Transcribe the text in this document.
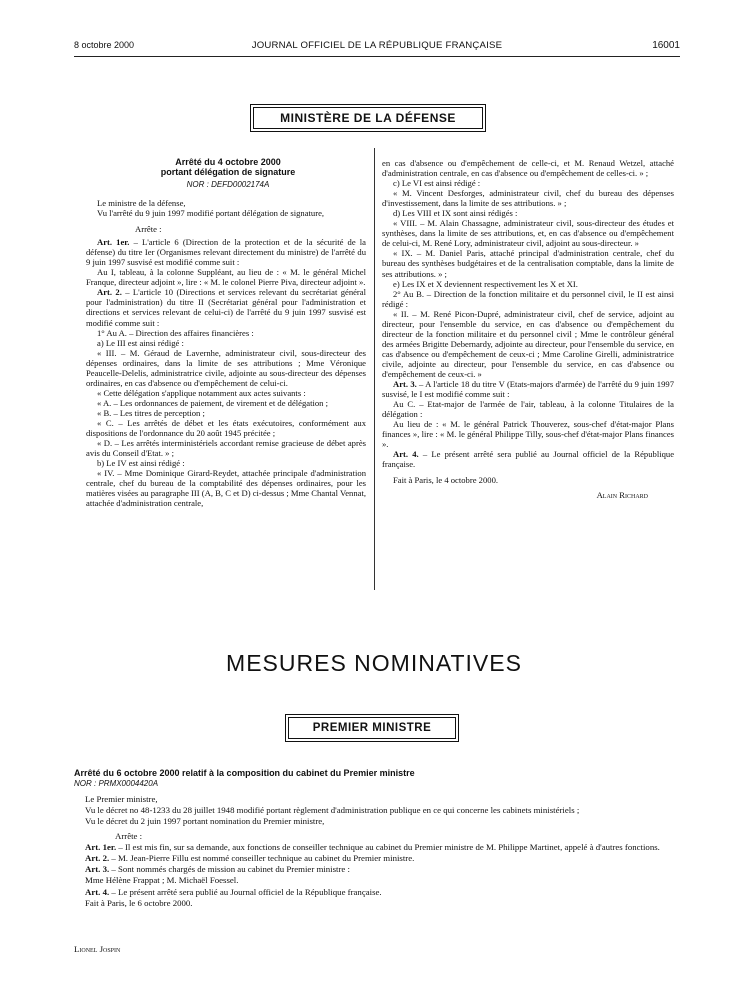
8 octobre 2000	JOURNAL OFFICIEL DE LA RÉPUBLIQUE FRANÇAISE	16001
MINISTÈRE DE LA DÉFENSE
Arrêté du 4 octobre 2000
portant délégation de signature
NOR : DEFD0002174A

Le ministre de la défense,

Vu l'arrêté du 9 juin 1997 modifié portant délégation de signature,

Arrête :

Art. 1er. – L'article 6 (Direction de la protection et de la sécurité de la défense) du titre Ier (Organismes relevant directement du ministre) de l'arrêté du 9 juin 1997 susvisé est modifié comme suit :

Au I, tableau, à la colonne Suppléant, au lieu de : « M. le général Michel Franque, directeur adjoint », lire : « M. le colonel Pierre Piva, directeur adjoint ».

Art. 2. – L'article 10 (Directions et services relevant du secrétariat général pour l'administration) du titre II (Secrétariat général pour l'administration et directions et services relevant de celui-ci) de l'arrêté du 9 juin 1997 susvisé est modifié comme suit :

1° Au A. – Direction des affaires financières :

a) Le III est ainsi rédigé :

« III. – M. Géraud de Lavernhe, administrateur civil, sous-directeur des dépenses ordinaires, dans la limite de ses attributions ; Mme Véronique Peaucelle-Delelis, administratrice civile, adjointe au sous-directeur des dépenses ordinaires, en cas d'absence ou d'empêchement de celui-ci.

« Cette délégation s'applique notamment aux actes suivants :

« A. – Les ordonnances de paiement, de virement et de délégation ;

« B. – Les titres de perception ;

« C. – Les arrêtés de débet et les états exécutoires, conformément aux dispositions de l'ordonnance du 20 août 1945 précitée ;

« D. – Les arrêtés interministériels accordant remise gracieuse de débet après avis du Conseil d'Etat. » ;

b) Le IV est ainsi rédigé :

« IV. – Mme Dominique Girard-Reydet, attachée principale d'administration centrale, chef du bureau de la comptabilité des dépenses ordinaires, pour les matières visées au paragraphe III (A, B, C et D) ci-dessus ; Mme Chantal Vennat, attachée d'administration centrale,

en cas d'absence ou d'empêchement de celle-ci, et M. Renaud Wetzel, attaché d'administration centrale, en cas d'absence ou d'empêchement de celles-ci. » ;

c) Le VI est ainsi rédigé :

« M. Vincent Desforges, administrateur civil, chef du bureau des dépenses d'investissement, dans la limite de ses attributions. » ;

d) Les VIII et IX sont ainsi rédigés :

« VIII. – M. Alain Chassagne, administrateur civil, sous-directeur des études et synthèses, dans la limite de ses attributions, et, en cas d'absence ou d'empêchement de celui-ci, M. René Lory, administrateur civil, adjoint au sous-directeur. »

« IX. – M. Daniel Paris, attaché principal d'administration centrale, chef du bureau des synthèses budgétaires et de la centralisation comptable, dans la limite de ses attributions. » ;

e) Les IX et X deviennent respectivement les X et XI.

2° Au B. – Direction de la fonction militaire et du personnel civil, le II est ainsi rédigé :

« II. – M. René Picon-Dupré, administrateur civil, chef de service, adjoint au directeur, pour l'ensemble du service, en cas d'absence ou d'empêchement du directeur de la fonction militaire et du personnel civil ; Mme le contrôleur général des armées Brigitte Debernardy, adjointe au directeur, pour l'ensemble du service, en cas d'absence ou d'empêchement de ceux-ci ; Mme Caroline Girelli, administratrice civile, adjointe au directeur, pour l'ensemble du service, en cas d'absence ou d'empêchement de ceux-ci. »

Art. 3. – A l'article 18 du titre V (Etats-majors d'armée) de l'arrêté du 9 juin 1997 susvisé, le I est modifié comme suit :

Au C. – Etat-major de l'armée de l'air, tableau, à la colonne Titulaires de la délégation :

Au lieu de : « M. le général Patrick Thouverez, sous-chef d'état-major Plans finances », lire : « M. le général Philippe Tilly, sous-chef d'état-major Plans finances ».

Art. 4. – Le présent arrêté sera publié au Journal officiel de la République française.

Fait à Paris, le 4 octobre 2000.

Alain Richard

MESURES NOMINATIVES
PREMIER MINISTRE
Arrêté du 6 octobre 2000 relatif à la composition du cabinet du Premier ministre
NOR : PRMX0004420A

Le Premier ministre,

Vu le décret no 48-1233 du 28 juillet 1948 modifié portant règlement d'administration publique en ce qui concerne les cabinets ministériels ;

Vu le décret du 2 juin 1997 portant nomination du Premier ministre,

Arrête :

Art. 1er. – Il est mis fin, sur sa demande, aux fonctions de conseiller technique au cabinet du Premier ministre de M. Philippe Martinet, appelé à d'autres fonctions.

Art. 2. – M. Jean-Pierre Fillu est nommé conseiller technique au cabinet du Premier ministre.

Art. 3. – Sont nommés chargés de mission au cabinet du Premier ministre :

Mme Hélène Frappat ; M. Michaël Foessel.

Art. 4. – Le présent arrêté sera publié au Journal officiel de la République française.

Fait à Paris, le 6 octobre 2000.

Lionel Jospin
